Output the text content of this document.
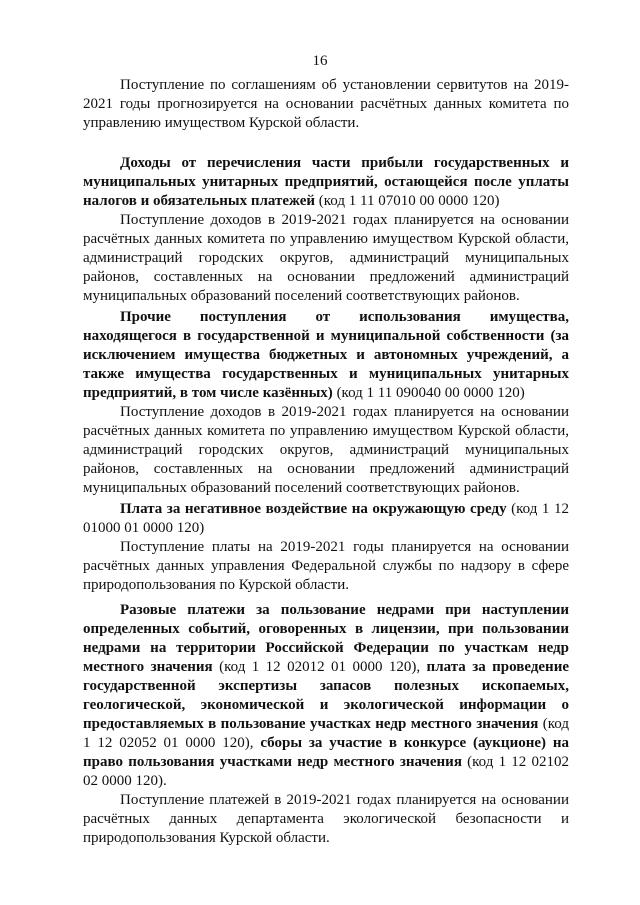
16
Поступление по соглашениям об установлении сервитутов на 2019-
2021 годы прогнозируется на основании расчётных данных комитета по
управлению имуществом Курской области.
Доходы от перечисления части прибыли государственных и
муниципальных унитарных предприятий, остающейся после уплаты
налогов и обязательных платежей (код 1 11 07010 00 0000 120)
Поступление доходов в 2019-2021 годах планируется на основании
расчётных данных комитета по управлению имуществом Курской области,
администраций городских округов, администраций муниципальных
районов, составленных на основании предложений администраций
муниципальных образований поселений соответствующих районов.
Прочие поступления от использования имущества,
находящегося в государственной и муниципальной собственности (за
исключением имущества бюджетных и автономных учреждений, а
также имущества государственных и муниципальных унитарных
предприятий, в том числе казённых) (код 1 11 090040 00 0000 120)
Поступление доходов в 2019-2021 годах планируется на основании
расчётных данных комитета по управлению имуществом Курской области,
администраций городских округов, администраций муниципальных
районов, составленных на основании предложений администраций
муниципальных образований поселений соответствующих районов.
Плата за негативное воздействие на окружающую среду (код 1 12
01000 01 0000 120)
Поступление платы на 2019-2021 годы планируется на основании
расчётных данных управления Федеральной службы по надзору в сфере
природопользования по Курской области.
Разовые платежи за пользование недрами при наступлении
определенных событий, оговоренных в лицензии, при пользовании
недрами на территории Российской Федерации по участкам недр
местного значения (код 1 12 02012 01 0000 120), плата за проведение
государственной экспертизы запасов полезных ископаемых,
геологической, экономической и экологической информации о
предоставляемых в пользование участках недр местного значения (код
1 12 02052 01 0000 120), сборы за участие в конкурсе (аукционе) на
право пользования участками недр местного значения (код 1 12 02102
02 0000 120).
Поступление платежей в 2019-2021 годах планируется на основании
расчётных данных департамента экологической безопасности и
природопользования Курской области.
